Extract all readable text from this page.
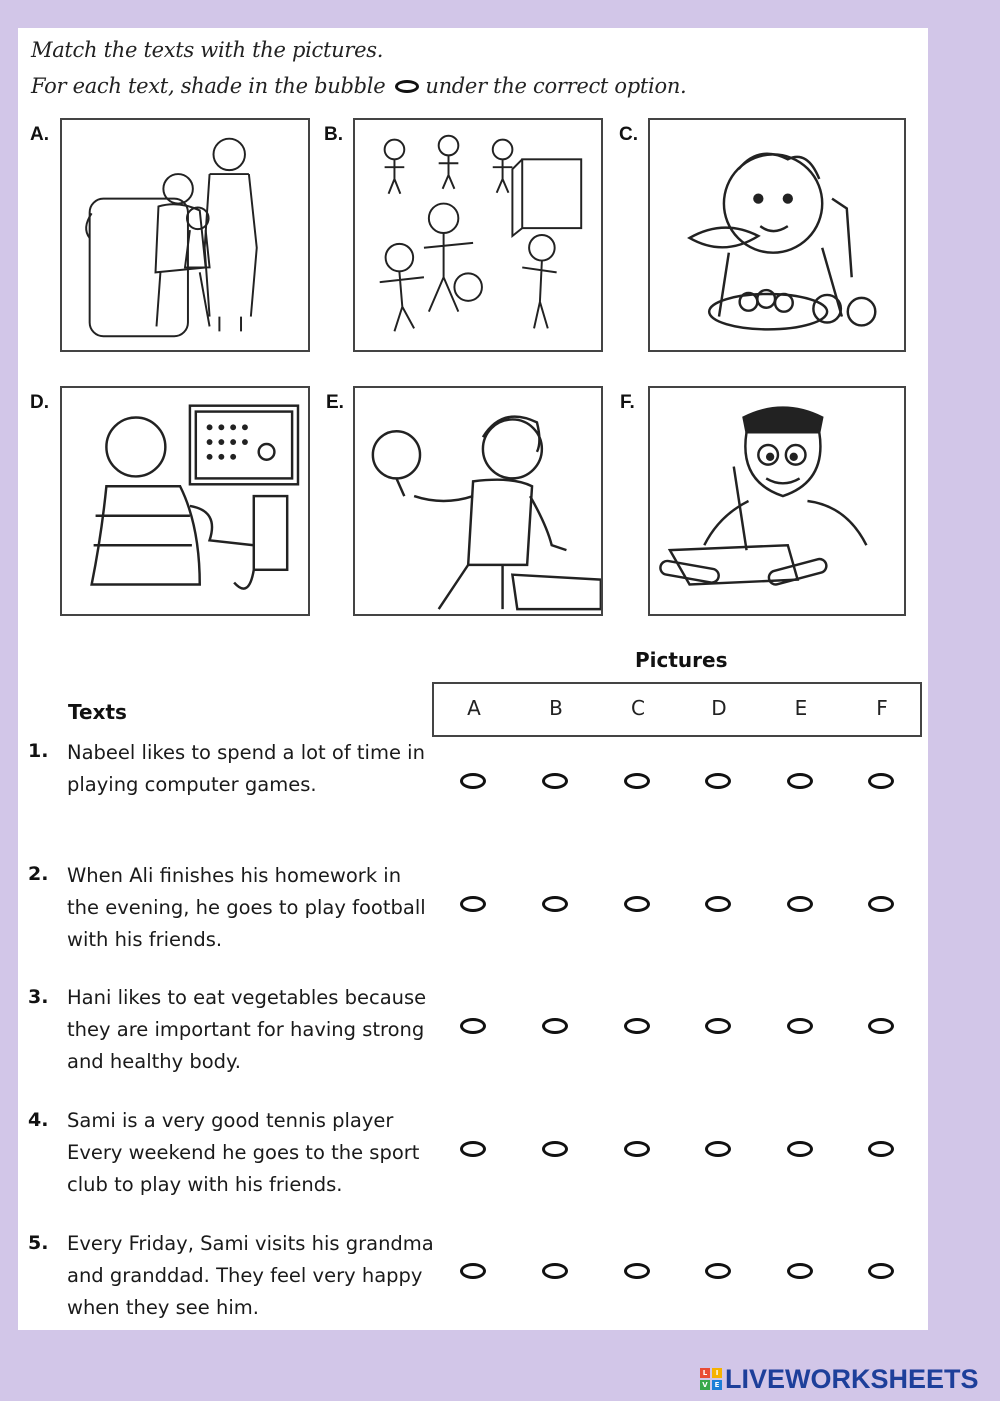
Match the texts with the pictures.
For each text, shade in the bubble under the correct option.
A.	B.	C.
D.	E.	F.
Pictures
Texts	A	B	C	D	E	F
1. Nabeel likes to spend a lot of time in playing computer games.
2. When Ali finishes his homework in the evening, he goes to play football with his friends.
3. Hani likes to eat vegetables because they are important for having strong and healthy body.
4. Sami is a very good tennis player Every weekend he goes to the sport club to play with his friends.
5. Every Friday, Sami visits his grandma and granddad. They feel very happy when they see him.
L	I
V E LIVEWORKSHEETS
